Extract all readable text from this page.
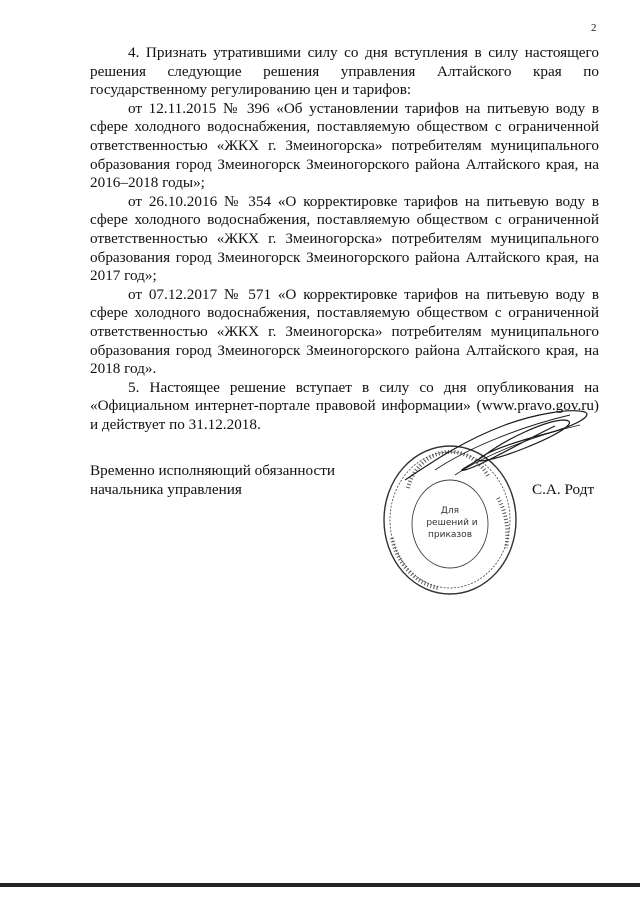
2

4. Признать утратившими силу со дня вступления в силу настоящего решения следующие решения управления Алтайского края по государственному регулированию цен и тарифов:

от 12.11.2015 № 396 «Об установлении тарифов на питьевую воду в сфере холодного водоснабжения, поставляемую обществом с ограниченной ответственностью «ЖКХ г. Змеиногорска» потребителям муниципального образования город Змеиногорск Змеиногорского района Алтайского края, на 2016–2018 годы»;

от 26.10.2016 № 354 «О корректировке тарифов на питьевую воду в сфере холодного водоснабжения, поставляемую обществом с ограниченной ответственностью «ЖКХ г. Змеиногорска» потребителям муниципального образования город Змеиногорск Змеиногорского района Алтайского края, на 2017 год»;

от 07.12.2017 № 571 «О корректировке тарифов на питьевую воду в сфере холодного водоснабжения, поставляемую обществом с ограниченной ответственностью «ЖКХ г. Змеиногорска» потребителям муниципального образования город Змеиногорск Змеиногорского района Алтайского края, на 2018 год».

5. Настоящее решение вступает в силу со дня опубликования на «Официальном интернет-портале правовой информации» (www.pravo.gov.ru) и действует по 31.12.2018.

Временно исполняющий обязанности
начальника управления	С.А. Родт
Для
решений и
приказов
